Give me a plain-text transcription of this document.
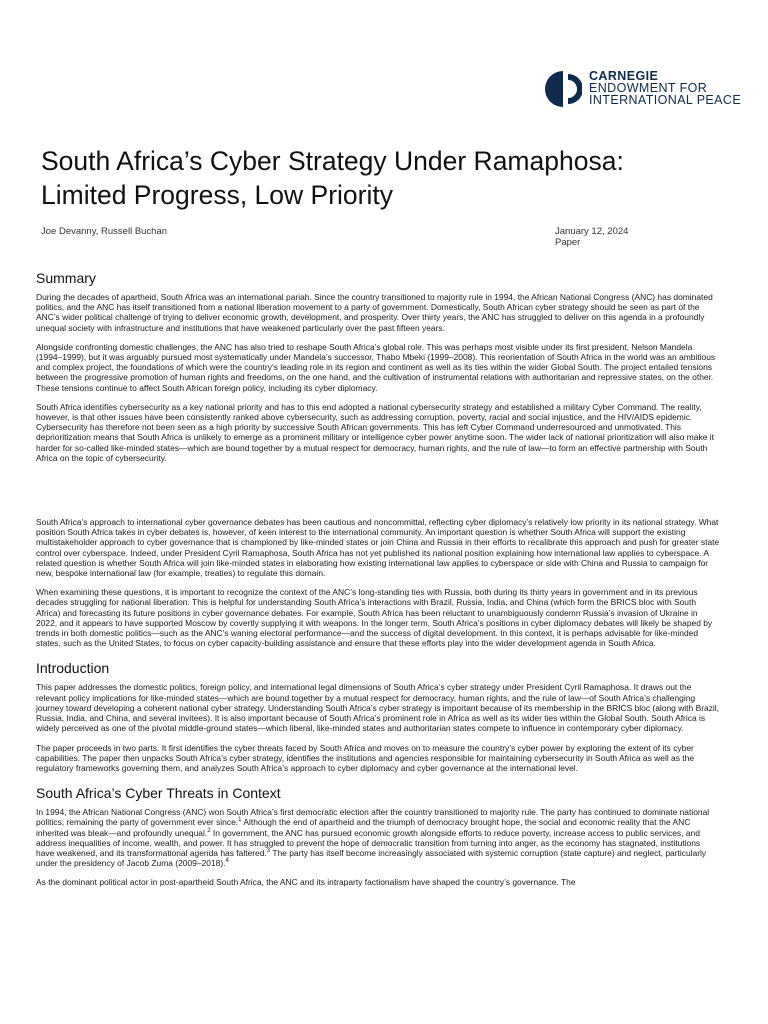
CARNEGIE
ENDOWMENT FOR
INTERNATIONAL PEACE
South Africa’s Cyber Strategy Under Ramaphosa:
Limited Progress, Low Priority
Joe Devanny, Russell Buchan	January 12, 2024
Paper
Summary

During the decades of apartheid, South Africa was an international pariah. Since the country transitioned to majority rule in 1994, the African National Congress (ANC) has dominated politics, and the ANC has itself transitioned from a national liberation movement to a party of government. Domestically, South African cyber strategy should be seen as part of the ANC’s wider political challenge of trying to deliver economic growth, development, and prosperity. Over thirty years, the ANC has struggled to deliver on this agenda in a profoundly unequal society with infrastructure and institutions that have weakened particularly over the past fifteen years.

Alongside confronting domestic challenges, the ANC has also tried to reshape South Africa’s global role. This was perhaps most visible under its first president, Nelson Mandela (1994–1999), but it was arguably pursued most systematically under Mandela’s successor, Thabo Mbeki (1999–2008). This reorientation of South Africa in the world was an ambitious and complex project, the foundations of which were the country’s leading role in its region and continent as well as its ties within the wider Global South. The project entailed tensions between the progressive promotion of human rights and freedoms, on the one hand, and the cultivation of instrumental relations with authoritarian and repressive states, on the other. These tensions continue to affect South African foreign policy, including its cyber diplomacy.

South Africa identifies cybersecurity as a key national priority and has to this end adopted a national cybersecurity strategy and established a military Cyber Command. The reality, however, is that other issues have been consistently ranked above cybersecurity, such as addressing corruption, poverty, racial and social injustice, and the HIV/AIDS epidemic. Cybersecurity has therefore not been seen as a high priority by successive South African governments. This has left Cyber Command underresourced and unmotivated. This deprioritization means that South Africa is unlikely to emerge as a prominent military or intelligence cyber power anytime soon. The wider lack of national prioritization will also make it harder for so-called like-minded states—which are bound together by a mutual respect for democracy, human rights, and the rule of law—to form an effective partnership with South Africa on the topic of cybersecurity.

South Africa’s approach to international cyber governance debates has been cautious and noncommittal, reflecting cyber diplomacy’s relatively low priority in its national strategy. What position South Africa takes in cyber debates is, however, of keen interest to the international community. An important question is whether South Africa will support the existing multistakeholder approach to cyber governance that is championed by like-minded states or join China and Russia in their efforts to recalibrate this approach and push for greater state control over cyberspace. Indeed, under President Cyril Ramaphosa, South Africa has not yet published its national position explaining how international law applies to cyberspace. A related question is whether South Africa will join like-minded states in elaborating how existing international law applies to cyberspace or side with China and Russia to campaign for new, bespoke international law (for example, treaties) to regulate this domain.

When examining these questions, it is important to recognize the context of the ANC’s long-standing ties with Russia, both during its thirty years in government and in its previous decades struggling for national liberation. This is helpful for understanding South Africa’s interactions with Brazil, Russia, India, and China (which form the BRICS bloc with South Africa) and forecasting its future positions in cyber governance debates. For example, South Africa has been reluctant to unambiguously condemn Russia’s invasion of Ukraine in 2022, and it appears to have supported Moscow by covertly supplying it with weapons. In the longer term, South Africa’s positions in cyber diplomacy debates will likely be shaped by trends in both domestic politics—such as the ANC’s waning electoral performance—and the success of digital development. In this context, it is perhaps advisable for like-minded states, such as the United States, to focus on cyber capacity-building assistance and ensure that these efforts play into the wider development agenda in South Africa.

Introduction

This paper addresses the domestic politics, foreign policy, and international legal dimensions of South Africa’s cyber strategy under President Cyril Ramaphosa. It draws out the relevant policy implications for like-minded states—which are bound together by a mutual respect for democracy, human rights, and the rule of law—of South Africa’s challenging journey toward developing a coherent national cyber strategy. Understanding South Africa’s cyber strategy is important because of its membership in the BRICS bloc (along with Brazil, Russia, India, and China, and several invitees). It is also important because of South Africa’s prominent role in Africa as well as its wider ties within the Global South. South Africa is widely perceived as one of the pivotal middle-ground states—which liberal, like-minded states and authoritarian states compete to influence in contemporary cyber diplomacy.

The paper proceeds in two parts. It first identifies the cyber threats faced by South Africa and moves on to measure the country’s cyber power by exploring the extent of its cyber capabilities. The paper then unpacks South Africa’s cyber strategy, identifies the institutions and agencies responsible for maintaining cybersecurity in South Africa as well as the regulatory frameworks governing them, and analyzes South Africa’s approach to cyber diplomacy and cyber governance at the international level.

South Africa’s Cyber Threats in Context

In 1994, the African National Congress (ANC) won South Africa’s first democratic election after the country transitioned to majority rule. The party has continued to dominate national politics, remaining the party of government ever since.$^1$ Although the end of apartheid and the triumph of democracy brought hope, the social and economic reality that the ANC inherited was bleak—and profoundly unequal.$^2$ In government, the ANC has pursued economic growth alongside efforts to reduce poverty, increase access to public services, and address inequalities of income, wealth, and power. It has struggled to prevent the hope of democratic transition from turning into anger, as the economy has stagnated, institutions have weakened, and its transformational agenda has faltered.$^3$ The party has itself become increasingly associated with systemic corruption (state capture) and neglect, particularly under the presidency of Jacob Zuma (2009–2018).$^4$

As the dominant political actor in post-apartheid South Africa, the ANC and its intraparty factionalism have shaped the country’s governance. The
